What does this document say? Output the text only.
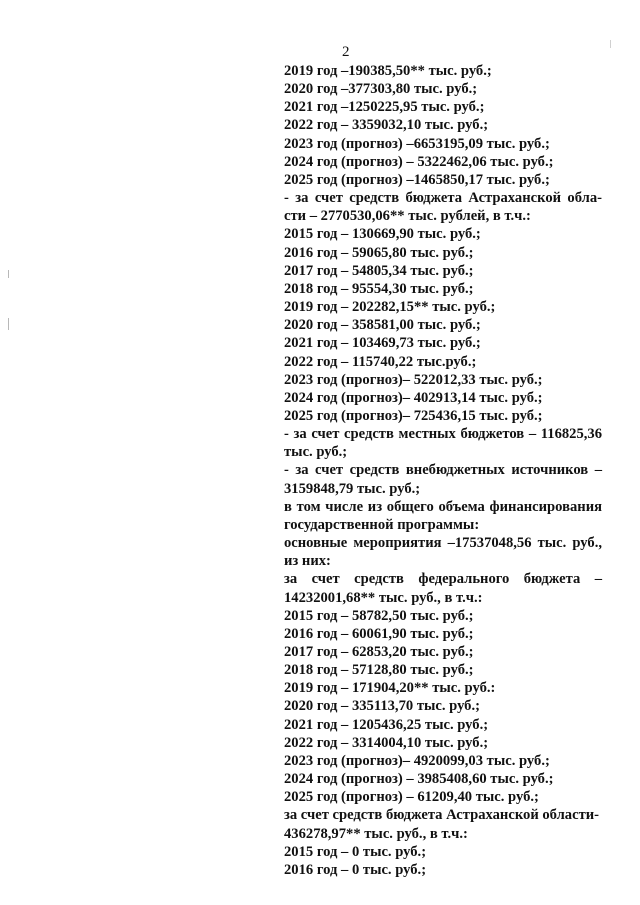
2
2019 год –190385,50** тыс. руб.;
2020 год –377303,80 тыс. руб.;
2021 год –1250225,95 тыс. руб.;
2022 год – 3359032,10 тыс. руб.;
2023 год (прогноз) –6653195,09 тыс. руб.;
2024 год (прогноз) – 5322462,06 тыс. руб.;
2025 год (прогноз) –1465850,17 тыс. руб.;
- за счет средств бюджета Астраханской обла-
сти – 2770530,06** тыс. рублей, в т.ч.:
2015 год – 130669,90 тыс. руб.;
2016 год – 59065,80 тыс. руб.;
2017 год – 54805,34 тыс. руб.;
2018 год – 95554,30 тыс. руб.;
2019 год – 202282,15** тыс. руб.;
2020 год – 358581,00 тыс. руб.;
2021 год – 103469,73 тыс. руб.;
2022 год – 115740,22 тыс.руб.;
2023 год (прогноз)– 522012,33 тыс. руб.;
2024 год (прогноз)– 402913,14 тыс. руб.;
2025 год (прогноз)– 725436,15 тыс. руб.;
- за счет средств местных бюджетов – 116825,36
тыс. руб.;
- за счет средств внебюджетных источников –
3159848,79 тыс. руб.;
в том числе из общего объема финансирования
государственной программы:
основные мероприятия –17537048,56 тыс. руб.,
из них:
за счет средств федерального бюджета –
14232001,68** тыс. руб., в т.ч.:
2015 год – 58782,50 тыс. руб.;
2016 год – 60061,90 тыс. руб.;
2017 год – 62853,20 тыс. руб.;
2018 год – 57128,80 тыс. руб.;
2019 год – 171904,20** тыс. руб.:
2020 год – 335113,70 тыс. руб.;
2021 год – 1205436,25 тыс. руб.;
2022 год – 3314004,10 тыс. руб.;
2023 год (прогноз)– 4920099,03 тыс. руб.;
2024 год (прогноз) – 3985408,60 тыс. руб.;
2025 год (прогноз) – 61209,40 тыс. руб.;
за счет средств бюджета Астраханской области-
436278,97** тыс. руб., в т.ч.:
2015 год – 0 тыс. руб.;
2016 год – 0 тыс. руб.;
